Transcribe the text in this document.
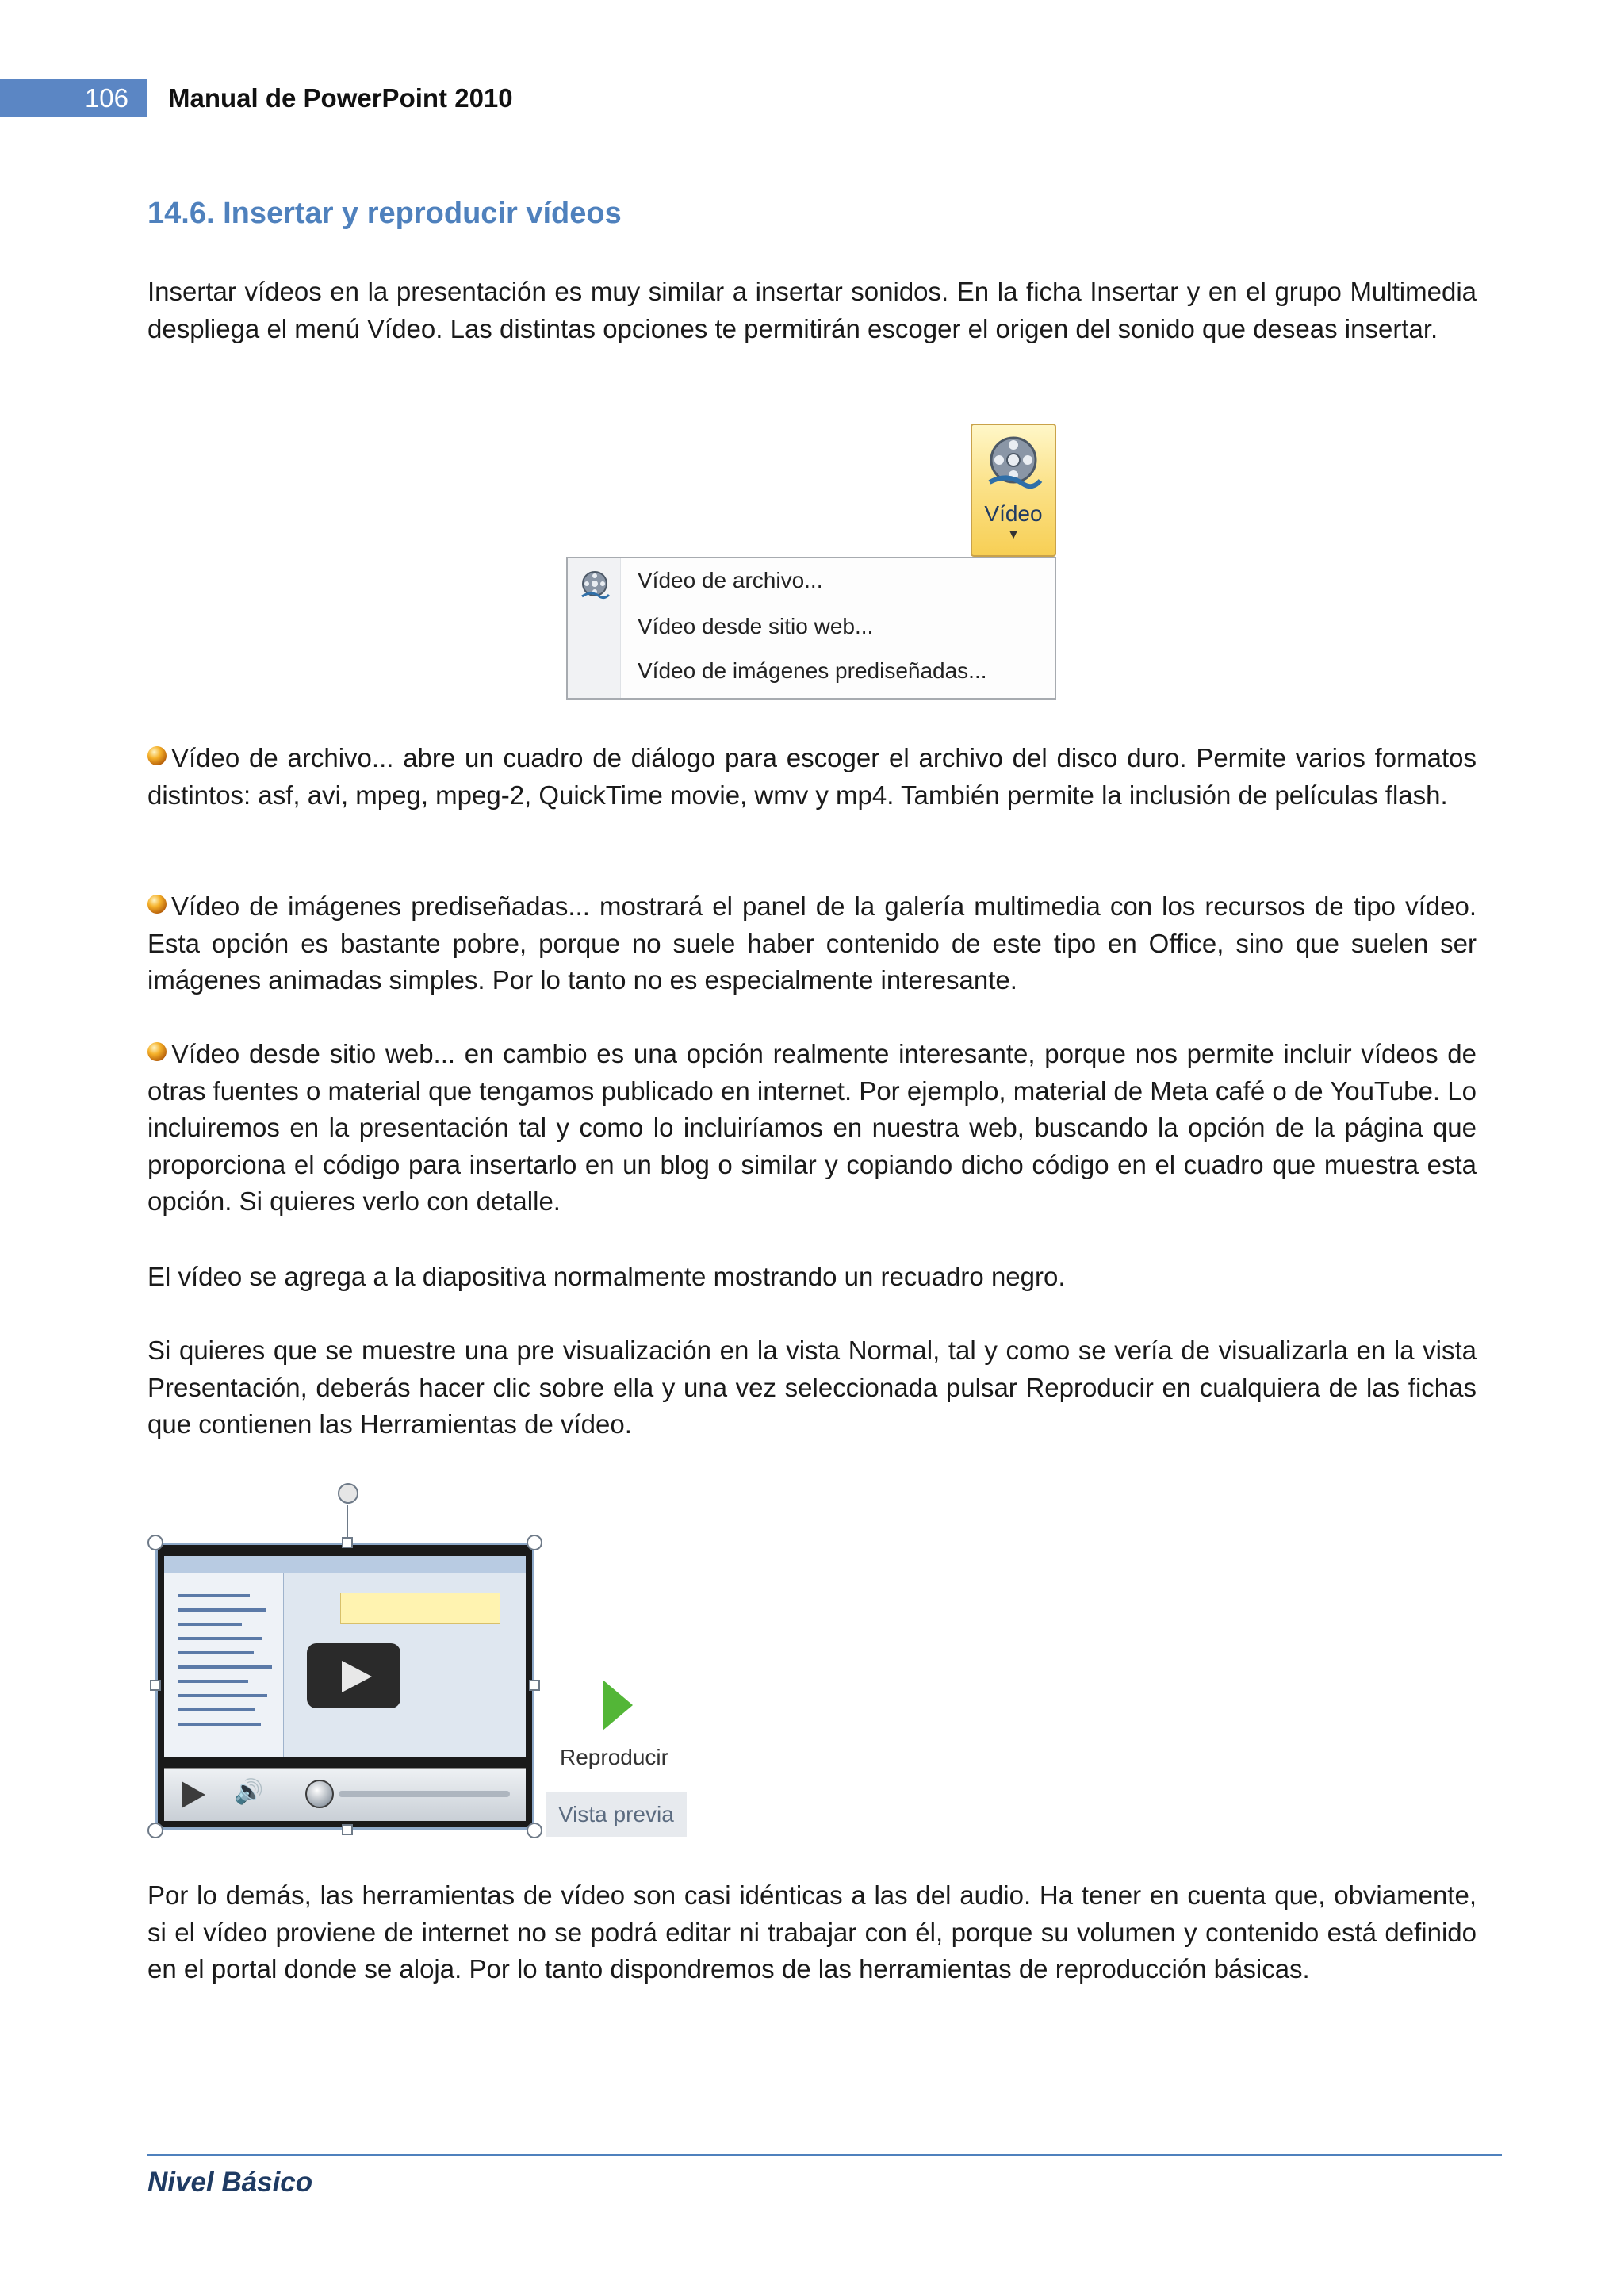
106	Manual de PowerPoint 2010
14.6. Insertar y reproducir vídeos

Insertar vídeos en la presentación es muy similar a insertar sonidos. En la ficha Insertar y en el grupo Multimedia despliega el menú Vídeo. Las distintas opciones te permitirán escoger el origen del sonido que deseas insertar.

Vídeo
▼
Vídeo de archivo...
Vídeo desde sitio web...
Vídeo de imágenes prediseñadas...

Vídeo de archivo... abre un cuadro de diálogo para escoger el archivo del disco duro. Permite varios formatos distintos: asf, avi, mpeg, mpeg-2, QuickTime movie, wmv y mp4. También permite la inclusión de películas flash.

Vídeo de imágenes prediseñadas... mostrará el panel de la galería multimedia con los recursos de tipo vídeo. Esta opción es bastante pobre, porque no suele haber contenido de este tipo en Office, sino que suelen ser imágenes animadas simples. Por lo tanto no es especialmente interesante.

Vídeo desde sitio web... en cambio es una opción realmente interesante, porque nos permite incluir vídeos de otras fuentes o material que tengamos publicado en internet. Por ejemplo, material de Meta café o de YouTube. Lo incluiremos en la presentación tal y como lo incluiríamos en nuestra web, buscando la opción de la página que proporciona el código para insertarlo en un blog o similar y copiando dicho código en el cuadro que muestra esta opción. Si quieres verlo con detalle.

El vídeo se agrega a la diapositiva normalmente mostrando un recuadro negro.

Si quieres que se muestre una pre visualización en la vista Normal, tal y como se vería de visualizarla en la vista Presentación, deberás hacer clic sobre ella y una vez seleccionada pulsar Reproducir en cualquiera de las fichas que contienen las Herramientas de vídeo.

🔊
Reproducir
Vista previa

Por lo demás, las herramientas de vídeo son casi idénticas a las del audio. Ha tener en cuenta que, obviamente, si el vídeo proviene de internet no se podrá editar ni trabajar con él, porque su volumen y contenido está definido en el portal donde se aloja. Por lo tanto dispondremos de las herramientas de reproducción básicas.

Nivel Básico
